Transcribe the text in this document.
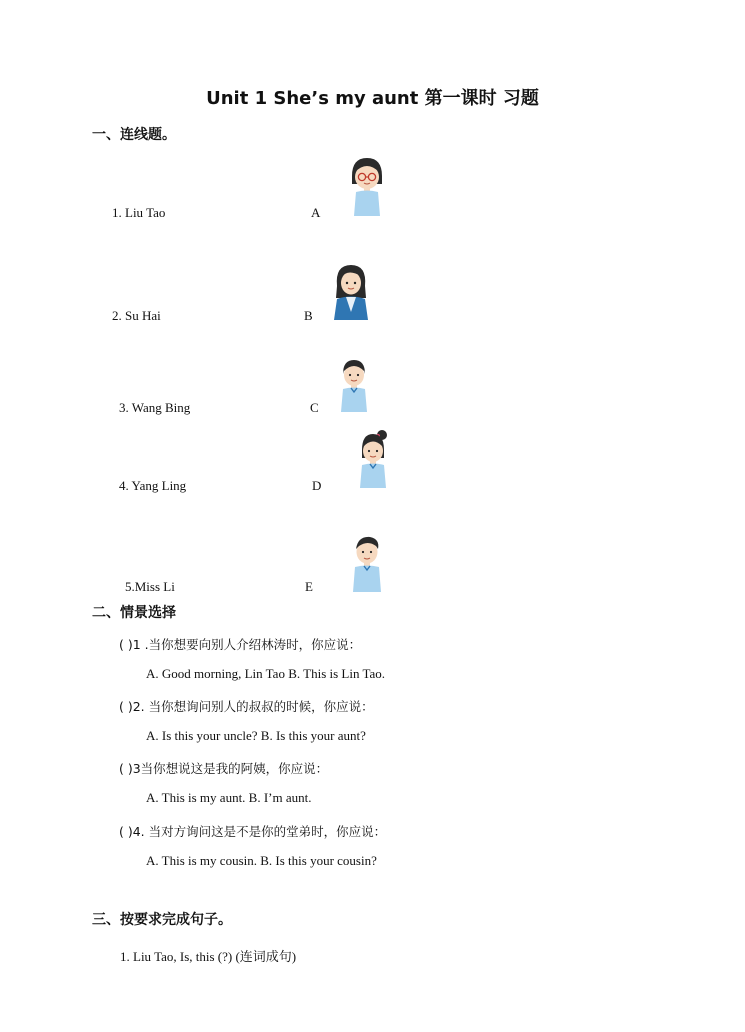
Unit 1 She’s my aunt 第一课时 习题
一、连线题。
1. Liu Tao	A
2. Su Hai	B
3. Wang Bing	C
4. Yang Ling	D
5.Miss Li	E
二、情景选择
( )1 .当你想要向别人介绍林涛时，你应说：
A. Good morning, Lin Tao B. This is Lin Tao.
( )2. 当你想询问别人的叔叔的时候，你应说：
A. Is this your uncle? B. Is this your aunt?
( )3当你想说这是我的阿姨，你应说：
A. This is my aunt. B. I’m aunt.
( )4. 当对方询问这是不是你的堂弟时，你应说：
A. This is my cousin. B. Is this your cousin?
三、按要求完成句子。
1. Liu Tao, Is, this (?) (连词成句)
